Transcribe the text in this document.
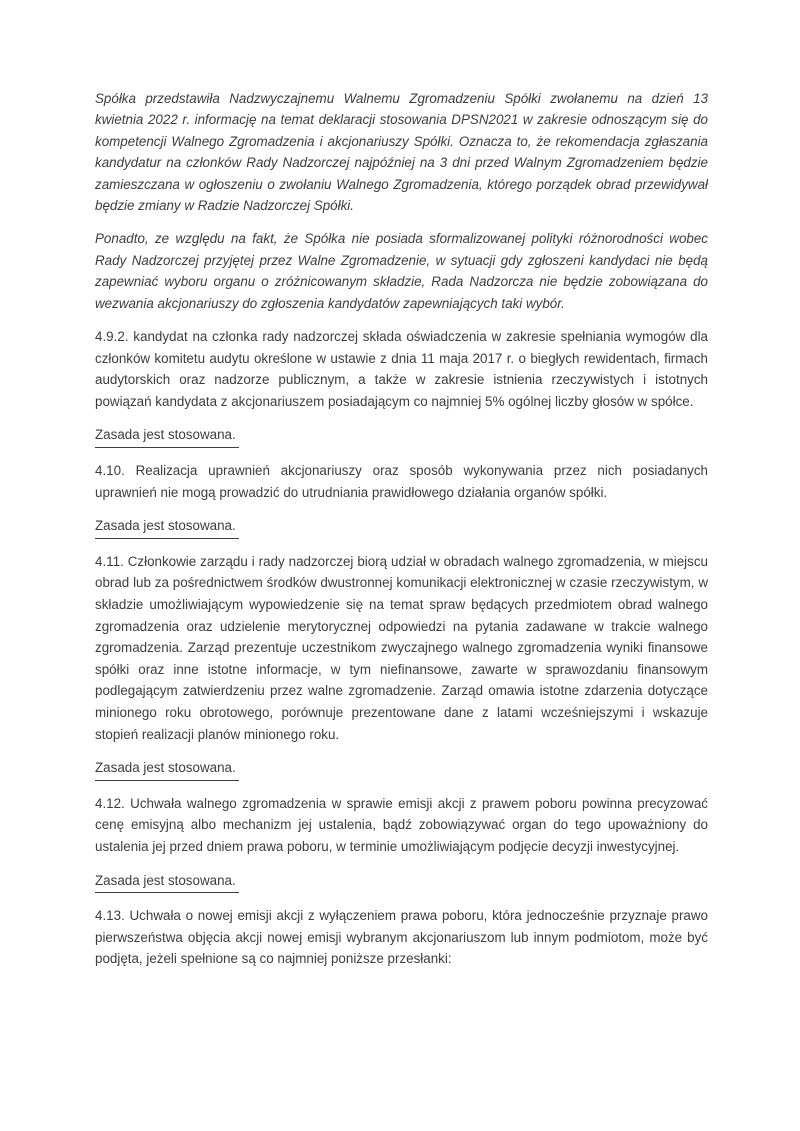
Spółka przedstawiła Nadzwyczajnemu Walnemu Zgromadzeniu Spółki zwołanemu na dzień 13 kwietnia 2022 r. informację na temat deklaracji stosowania DPSN2021 w zakresie odnoszącym się do kompetencji Walnego Zgromadzenia i akcjonariuszy Spółki. Oznacza to, że rekomendacja zgłaszania kandydatur na członków Rady Nadzorczej najpóźniej na 3 dni przed Walnym Zgromadzeniem będzie zamieszczana w ogłoszeniu o zwołaniu Walnego Zgromadzenia, którego porządek obrad przewidywał będzie zmiany w Radzie Nadzorczej Spółki.

Ponadto, ze względu na fakt, że Spółka nie posiada sformalizowanej polityki różnorodności wobec Rady Nadzorczej przyjętej przez Walne Zgromadzenie, w sytuacji gdy zgłoszeni kandydaci nie będą zapewniać wyboru organu o zróżnicowanym składzie, Rada Nadzorcza nie będzie zobowiązana do wezwania akcjonariuszy do zgłoszenia kandydatów zapewniających taki wybór.

4.9.2. kandydat na członka rady nadzorczej składa oświadczenia w zakresie spełniania wymogów dla członków komitetu audytu określone w ustawie z dnia 11 maja 2017 r. o biegłych rewidentach, firmach audytorskich oraz nadzorze publicznym, a także w zakresie istnienia rzeczywistych i istotnych powiązań kandydata z akcjonariuszem posiadającym co najmniej 5% ogólnej liczby głosów w spółce.

Zasada jest stosowana.

4.10. Realizacja uprawnień akcjonariuszy oraz sposób wykonywania przez nich posiadanych uprawnień nie mogą prowadzić do utrudniania prawidłowego działania organów spółki.

Zasada jest stosowana.

4.11. Członkowie zarządu i rady nadzorczej biorą udział w obradach walnego zgromadzenia, w miejscu obrad lub za pośrednictwem środków dwustronnej komunikacji elektronicznej w czasie rzeczywistym, w składzie umożliwiającym wypowiedzenie się na temat spraw będących przedmiotem obrad walnego zgromadzenia oraz udzielenie merytorycznej odpowiedzi na pytania zadawane w trakcie walnego zgromadzenia. Zarząd prezentuje uczestnikom zwyczajnego walnego zgromadzenia wyniki finansowe spółki oraz inne istotne informacje, w tym niefinansowe, zawarte w sprawozdaniu finansowym podlegającym zatwierdzeniu przez walne zgromadzenie. Zarząd omawia istotne zdarzenia dotyczące minionego roku obrotowego, porównuje prezentowane dane z latami wcześniejszymi i wskazuje stopień realizacji planów minionego roku.

Zasada jest stosowana.

4.12. Uchwała walnego zgromadzenia w sprawie emisji akcji z prawem poboru powinna precyzować cenę emisyjną albo mechanizm jej ustalenia, bądź zobowiązywać organ do tego upoważniony do ustalenia jej przed dniem prawa poboru, w terminie umożliwiającym podjęcie decyzji inwestycyjnej.

Zasada jest stosowana.

4.13. Uchwała o nowej emisji akcji z wyłączeniem prawa poboru, która jednocześnie przyznaje prawo pierwszeństwa objęcia akcji nowej emisji wybranym akcjonariuszom lub innym podmiotom, może być podjęta, jeżeli spełnione są co najmniej poniższe przesłanki:
